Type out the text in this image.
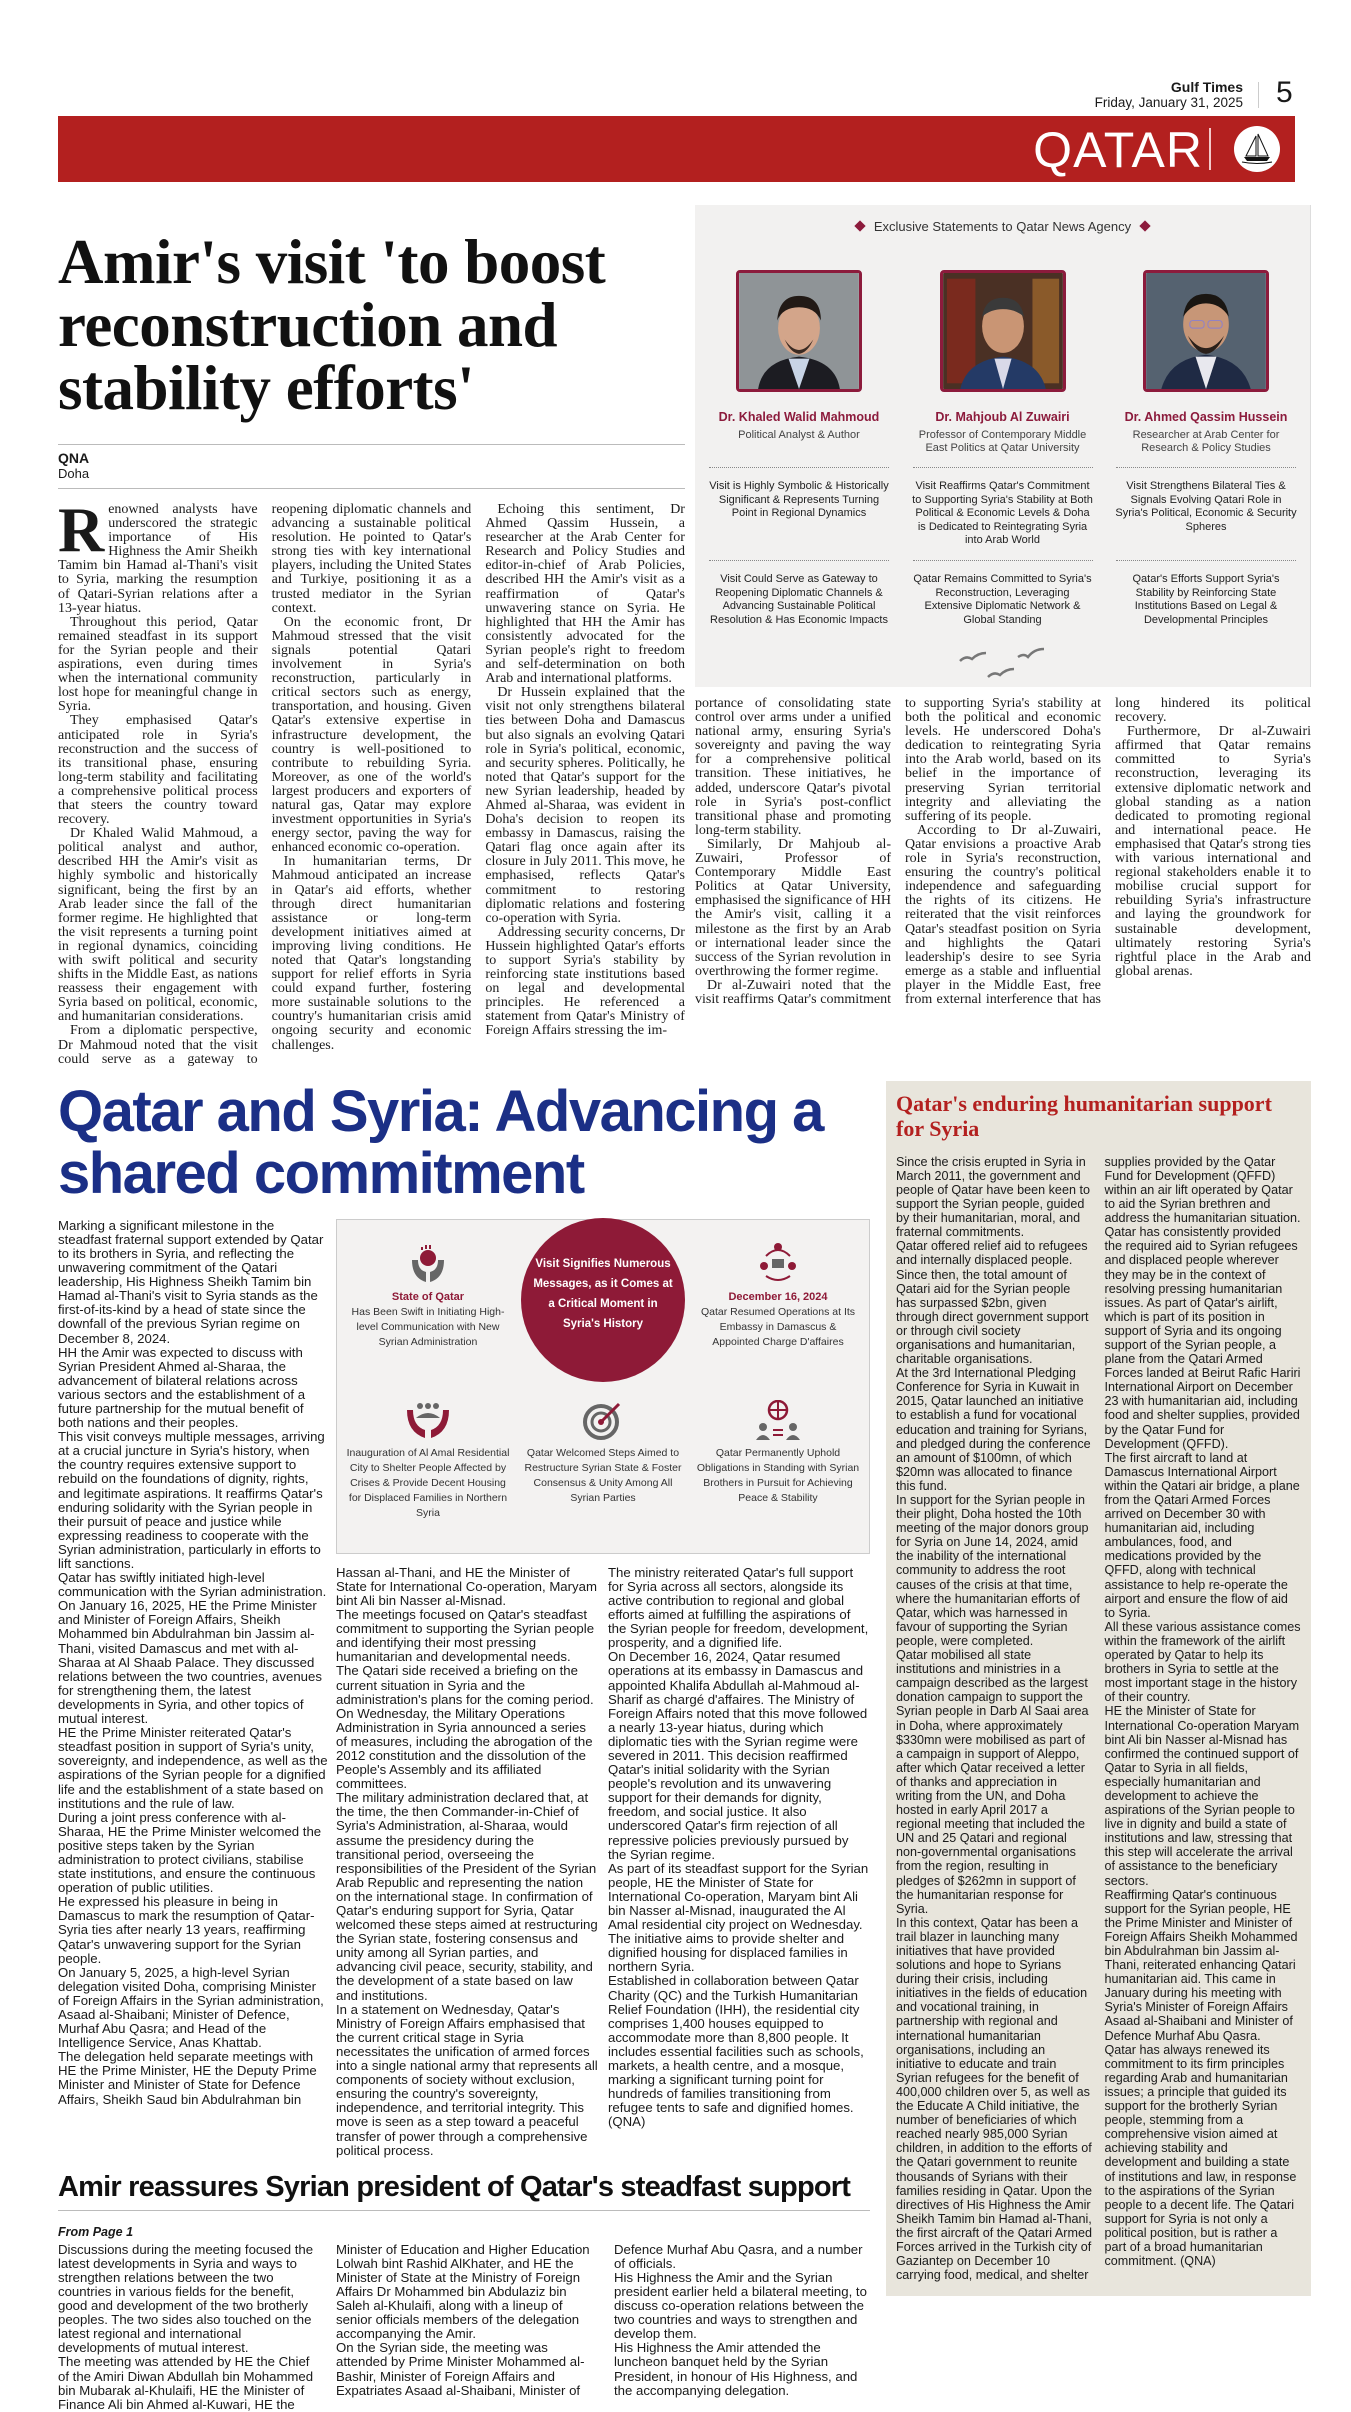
Gulf Times
Friday, January 31, 2025 5
QATAR
Amir's visit 'to boost reconstruction and stability efforts'
QNA
Doha

Renowned analysts have underscored the strategic importance of His Highness the Amir Sheikh Tamim bin Hamad al-Thani's visit to Syria, marking the resumption of Qatari-Syrian relations after a 13-year hiatus.

Throughout this period, Qatar remained steadfast in its support for the Syrian people and their aspirations, even during times when the international community lost hope for meaningful change in Syria.

They emphasised Qatar's anticipated role in Syria's reconstruction and the success of its transitional phase, ensuring long-term stability and facilitating a comprehensive political process that steers the country toward recovery.

Dr Khaled Walid Mahmoud, a political analyst and author, described HH the Amir's visit as highly symbolic and historically significant, being the first by an Arab leader since the fall of the former regime. He highlighted that the visit represents a turning point in regional dynamics, coinciding with swift political and security shifts in the Middle East, as nations reassess their engagement with Syria based on political, economic, and humanitarian considerations.

From a diplomatic perspective, Dr Mahmoud noted that the visit could serve as a gateway to reopening diplomatic channels and advancing a sustainable political resolution. He pointed to Qatar's strong ties with key international players, including the United States and Turkiye, positioning it as a trusted mediator in the Syrian context.

On the economic front, Dr Mahmoud stressed that the visit signals potential Qatari involvement in Syria's reconstruction, particularly in critical sectors such as energy, transportation, and housing. Given Qatar's extensive expertise in infrastructure development, the country is well-positioned to contribute to rebuilding Syria. Moreover, as one of the world's largest producers and exporters of natural gas, Qatar may explore investment opportunities in Syria's energy sector, paving the way for enhanced economic co-operation.

In humanitarian terms, Dr Mahmoud anticipated an increase in Qatar's aid efforts, whether through direct humanitarian assistance or long-term development initiatives aimed at improving living conditions. He noted that Qatar's longstanding support for relief efforts in Syria could expand further, fostering more sustainable solutions to the country's humanitarian crisis amid ongoing security and economic challenges.

Echoing this sentiment, Dr Ahmed Qassim Hussein, a researcher at the Arab Center for Research and Policy Studies and editor-in-chief of Arab Policies, described HH the Amir's visit as a reaffirmation of Qatar's unwavering stance on Syria. He highlighted that HH the Amir has consistently advocated for the Syrian people's right to freedom and self-determination on both Arab and international platforms.

Dr Hussein explained that the visit not only strengthens bilateral ties between Doha and Damascus but also signals an evolving Qatari role in Syria's political, economic, and security spheres. Politically, he noted that Qatar's support for the new Syrian leadership, headed by Ahmed al-Sharaa, was evident in Doha's decision to reopen its embassy in Damascus, raising the Qatari flag once again after its closure in July 2011. This move, he emphasised, reflects Qatar's commitment to restoring diplomatic relations and fostering co-operation with Syria.

Addressing security concerns, Dr Hussein highlighted Qatar's efforts to support Syria's stability by reinforcing state institutions based on legal and developmental principles. He referenced a statement from Qatar's Ministry of Foreign Affairs stressing the im-

Exclusive Statements to Qatar News Agency
Dr. Khaled Walid Mahmoud
Political Analyst & Author
Visit is Highly Symbolic & Historically Significant & Represents Turning Point in Regional Dynamics
Visit Could Serve as Gateway to Reopening Diplomatic Channels & Advancing Sustainable Political Resolution & Has Economic Impacts
Dr. Mahjoub Al Zuwairi
Professor of Contemporary Middle East Politics at Qatar University
Visit Reaffirms Qatar's Commitment to Supporting Syria's Stability at Both Political & Economic Levels & Doha is Dedicated to Reintegrating Syria into Arab World
Qatar Remains Committed to Syria's Reconstruction, Leveraging Extensive Diplomatic Network & Global Standing
Dr. Ahmed Qassim Hussein
Researcher at Arab Center for Research & Policy Studies
Visit Strengthens Bilateral Ties & Signals Evolving Qatari Role in Syria's Political, Economic & Security Spheres
Qatar's Efforts Support Syria's Stability by Reinforcing State Institutions Based on Legal & Developmental Principles

portance of consolidating state control over arms under a unified national army, ensuring Syria's sovereignty and paving the way for a comprehensive political transition. These initiatives, he added, underscore Qatar's pivotal role in Syria's post-conflict transitional phase and promoting long-term stability.

Similarly, Dr Mahjoub al-Zuwairi, Professor of Contemporary Middle East Politics at Qatar University, emphasised the significance of HH the Amir's visit, calling it a milestone as the first by an Arab or international leader since the success of the Syrian revolution in overthrowing the former regime.

Dr al-Zuwairi noted that the visit reaffirms Qatar's commitment to supporting Syria's stability at both the political and economic levels. He underscored Doha's dedication to reintegrating Syria into the Arab world, based on its belief in the importance of preserving Syrian territorial integrity and alleviating the suffering of its people.

According to Dr al-Zuwairi, Qatar envisions a proactive Arab role in Syria's reconstruction, ensuring the country's political independence and safeguarding the rights of its citizens. He reiterated that the visit reinforces Qatar's steadfast position on Syria and highlights the Qatari leadership's desire to see Syria emerge as a stable and influential player in the Middle East, free from external interference that has long hindered its political recovery.

Furthermore, Dr al-Zuwairi affirmed that Qatar remains committed to Syria's reconstruction, leveraging its extensive diplomatic network and global standing as a nation dedicated to promoting regional and international peace. He emphasised that Qatar's strong ties with various international and regional stakeholders enable it to mobilise crucial support for rebuilding Syria's infrastructure and laying the groundwork for sustainable development, ultimately restoring Syria's rightful place in the Arab and global arenas.

Qatar and Syria: Advancing a shared commitment

Marking a significant milestone in the steadfast fraternal support extended by Qatar to its brothers in Syria, and reflecting the unwavering commitment of the Qatari leadership, His Highness Sheikh Tamim bin Hamad al-Thani's visit to Syria stands as the first-of-its-kind by a head of state since the downfall of the previous Syrian regime on December 8, 2024.

HH the Amir was expected to discuss with Syrian President Ahmed al-Sharaa, the advancement of bilateral relations across various sectors and the establishment of a future partnership for the mutual benefit of both nations and their peoples.

This visit conveys multiple messages, arriving at a crucial juncture in Syria's history, when the country requires extensive support to rebuild on the foundations of dignity, rights, and legitimate aspirations. It reaffirms Qatar's enduring solidarity with the Syrian people in their pursuit of peace and justice while expressing readiness to cooperate with the Syrian administration, particularly in efforts to lift sanctions.

Qatar has swiftly initiated high-level communication with the Syrian administration. On January 16, 2025, HE the Prime Minister and Minister of Foreign Affairs, Sheikh Mohammed bin Abdulrahman bin Jassim al-Thani, visited Damascus and met with al-Sharaa at Al Shaab Palace. They discussed relations between the two countries, avenues for strengthening them, the latest developments in Syria, and other topics of mutual interest.

HE the Prime Minister reiterated Qatar's steadfast position in support of Syria's unity, sovereignty, and independence, as well as the aspirations of the Syrian people for a dignified life and the establishment of a state based on institutions and the rule of law.

During a joint press conference with al-Sharaa, HE the Prime Minister welcomed the positive steps taken by the Syrian administration to protect civilians, stabilise state institutions, and ensure the continuous operation of public utilities.

He expressed his pleasure in being in Damascus to mark the resumption of Qatar-Syria ties after nearly 13 years, reaffirming Qatar's unwavering support for the Syrian people.

On January 5, 2025, a high-level Syrian delegation visited Doha, comprising Minister of Foreign Affairs in the Syrian administration, Asaad al-Shaibani; Minister of Defence, Murhaf Abu Qasra; and Head of the Intelligence Service, Anas Khattab.

The delegation held separate meetings with HE the Prime Minister, HE the Deputy Prime Minister and Minister of State for Defence Affairs, Sheikh Saud bin Abdulrahman bin

Visit Signifies Numerous Messages, as it Comes at a Critical Moment in Syria's History
State of Qatar
Has Been Swift in Initiating High-level Communication with New Syrian Administration
December 16, 2024
Qatar Resumed Operations at Its Embassy in Damascus & Appointed Charge D'affaires
Inauguration of Al Amal Residential City to Shelter People Affected by Crises & Provide Decent Housing for Displaced Families in Northern Syria
Qatar Welcomed Steps Aimed to Restructure Syrian State & Foster Consensus & Unity Among All Syrian Parties
Qatar Permanently Uphold Obligations in Standing with Syrian Brothers in Pursuit for Achieving Peace & Stability

Hassan al-Thani, and HE the Minister of State for International Co-operation, Maryam bint Ali bin Nasser al-Misnad.

The meetings focused on Qatar's steadfast commitment to supporting the Syrian people and identifying their most pressing humanitarian and developmental needs.

The Qatari side received a briefing on the current situation in Syria and the administration's plans for the coming period.

On Wednesday, the Military Operations Administration in Syria announced a series of measures, including the abrogation of the 2012 constitution and the dissolution of the People's Assembly and its affiliated committees.

The military administration declared that, at the time, the then Commander-in-Chief of Syria's Administration, al-Sharaa, would assume the presidency during the transitional period, overseeing the responsibilities of the President of the Syrian Arab Republic and representing the nation on the international stage. In confirmation of Qatar's enduring support for Syria, Qatar welcomed these steps aimed at restructuring the Syrian state, fostering consensus and unity among all Syrian parties, and advancing civil peace, security, stability, and the development of a state based on law and institutions.

In a statement on Wednesday, Qatar's Ministry of Foreign Affairs emphasised that the current critical stage in Syria necessitates the unification of armed forces into a single national army that represents all components of society without exclusion, ensuring the country's sovereignty, independence, and territorial integrity. This move is seen as a step toward a peaceful transfer of power through a comprehensive political process.

The ministry reiterated Qatar's full support for Syria across all sectors, alongside its active contribution to regional and global efforts aimed at fulfilling the aspirations of the Syrian people for freedom, development, prosperity, and a dignified life.

On December 16, 2024, Qatar resumed operations at its embassy in Damascus and appointed Khalifa Abdullah al-Mahmoud al-Sharif as chargé d'affaires. The Ministry of Foreign Affairs noted that this move followed a nearly 13-year hiatus, during which diplomatic ties with the Syrian regime were severed in 2011. This decision reaffirmed Qatar's initial solidarity with the Syrian people's revolution and its unwavering support for their demands for dignity, freedom, and social justice. It also underscored Qatar's firm rejection of all repressive policies previously pursued by the Syrian regime.

As part of its steadfast support for the Syrian people, HE the Minister of State for International Co-operation, Maryam bint Ali bin Nasser al-Misnad, inaugurated the Al Amal residential city project on Wednesday. The initiative aims to provide shelter and dignified housing for displaced families in northern Syria.

Established in collaboration between Qatar Charity (QC) and the Turkish Humanitarian Relief Foundation (IHH), the residential city comprises 1,400 houses equipped to accommodate more than 8,800 people. It includes essential facilities such as schools, markets, a health centre, and a mosque, marking a significant turning point for hundreds of families transitioning from refugee tents to safe and dignified homes. (QNA)

Amir reassures Syrian president of Qatar's steadfast support
From Page 1

Discussions during the meeting focused the latest developments in Syria and ways to strengthen relations between the two countries in various fields for the benefit, good and development of the two brotherly peoples. The two sides also touched on the latest regional and international developments of mutual interest.

The meeting was attended by HE the Chief of the Amiri Diwan Abdullah bin Mohammed bin Mubarak al-Khulaifi, HE the Minister of Finance Ali bin Ahmed al-Kuwari, HE the Minister of Education and Higher Education Lolwah bint Rashid AlKhater, and HE the Minister of State at the Ministry of Foreign Affairs Dr Mohammed bin Abdulaziz bin Saleh al-Khulaifi, along with a lineup of senior officials members of the delegation accompanying the Amir.

On the Syrian side, the meeting was attended by Prime Minister Mohammed al-Bashir, Minister of Foreign Affairs and Expatriates Asaad al-Shaibani, Minister of Defence Murhaf Abu Qasra, and a number of officials.

His Highness the Amir and the Syrian president earlier held a bilateral meeting, to discuss co-operation relations between the two countries and ways to strengthen and develop them.

His Highness the Amir attended the luncheon banquet held by the Syrian President, in honour of His Highness, and the accompanying delegation.

Qatar's enduring humanitarian support for Syria

Since the crisis erupted in Syria in March 2011, the government and people of Qatar have been keen to support the Syrian people, guided by their humanitarian, moral, and fraternal commitments.

Qatar offered relief aid to refugees and internally displaced people. Since then, the total amount of Qatari aid for the Syrian people has surpassed $2bn, given through direct government support or through civil society organisations and humanitarian, charitable organisations.

At the 3rd International Pledging Conference for Syria in Kuwait in 2015, Qatar launched an initiative to establish a fund for vocational education and training for Syrians, and pledged during the conference an amount of $100mn, of which $20mn was allocated to finance this fund.

In support for the Syrian people in their plight, Doha hosted the 10th meeting of the major donors group for Syria on June 14, 2024, amid the inability of the international community to address the root causes of the crisis at that time, where the humanitarian efforts of Qatar, which was harnessed in favour of supporting the Syrian people, were completed.

Qatar mobilised all state institutions and ministries in a campaign described as the largest donation campaign to support the Syrian people in Darb Al Saai area in Doha, where approximately $330mn were mobilised as part of a campaign in support of Aleppo, after which Qatar received a letter of thanks and appreciation in writing from the UN, and Doha hosted in early April 2017 a regional meeting that included the UN and 25 Qatari and regional non-governmental organisations from the region, resulting in pledges of $262mn in support of the humanitarian response for Syria.

In this context, Qatar has been a trail blazer in launching many initiatives that have provided solutions and hope to Syrians during their crisis, including initiatives in the fields of education and vocational training, in partnership with regional and international humanitarian organisations, including an initiative to educate and train Syrian refugees for the benefit of 400,000 children over 5, as well as the Educate A Child initiative, the number of beneficiaries of which reached nearly 985,000 Syrian children, in addition to the efforts of the Qatari government to reunite thousands of Syrians with their families residing in Qatar. Upon the directives of His Highness the Amir Sheikh Tamim bin Hamad al-Thani, the first aircraft of the Qatari Armed Forces arrived in the Turkish city of Gaziantep on December 10 carrying food, medical, and shelter supplies provided by the Qatar Fund for Development (QFFD) within an air lift operated by Qatar to aid the Syrian brethren and address the humanitarian situation.

Qatar has consistently provided the required aid to Syrian refugees and displaced people wherever they may be in the context of resolving pressing humanitarian issues. As part of Qatar's airlift, which is part of its position in support of Syria and its ongoing support of the Syrian people, a plane from the Qatari Armed Forces landed at Beirut Rafic Hariri International Airport on December 23 with humanitarian aid, including food and shelter supplies, provided by the Qatar Fund for Development (QFFD).

The first aircraft to land at Damascus International Airport within the Qatari air bridge, a plane from the Qatari Armed Forces arrived on December 30 with humanitarian aid, including ambulances, food, and medications provided by the QFFD, along with technical assistance to help re-operate the airport and ensure the flow of aid to Syria.

All these various assistance comes within the framework of the airlift operated by Qatar to help its brothers in Syria to settle at the most important stage in the history of their country.

HE the Minister of State for International Co-operation Maryam bint Ali bin Nasser al-Misnad has confirmed the continued support of Qatar to Syria in all fields, especially humanitarian and development to achieve the aspirations of the Syrian people to live in dignity and build a state of institutions and law, stressing that this step will accelerate the arrival of assistance to the beneficiary sectors.

Reaffirming Qatar's continuous support for the Syrian people, HE the Prime Minister and Minister of Foreign Affairs Sheikh Mohammed bin Abdulrahman bin Jassim al-Thani, reiterated enhancing Qatari humanitarian aid. This came in January during his meeting with Syria's Minister of Foreign Affairs Asaad al-Shaibani and Minister of Defence Murhaf Abu Qasra.

Qatar has always renewed its commitment to its firm principles regarding Arab and humanitarian issues; a principle that guided its support for the brotherly Syrian people, stemming from a comprehensive vision aimed at achieving stability and development and building a state of institutions and law, in response to the aspirations of the Syrian people to a decent life. The Qatari support for Syria is not only a political position, but is rather a part of a broad humanitarian commitment. (QNA)
